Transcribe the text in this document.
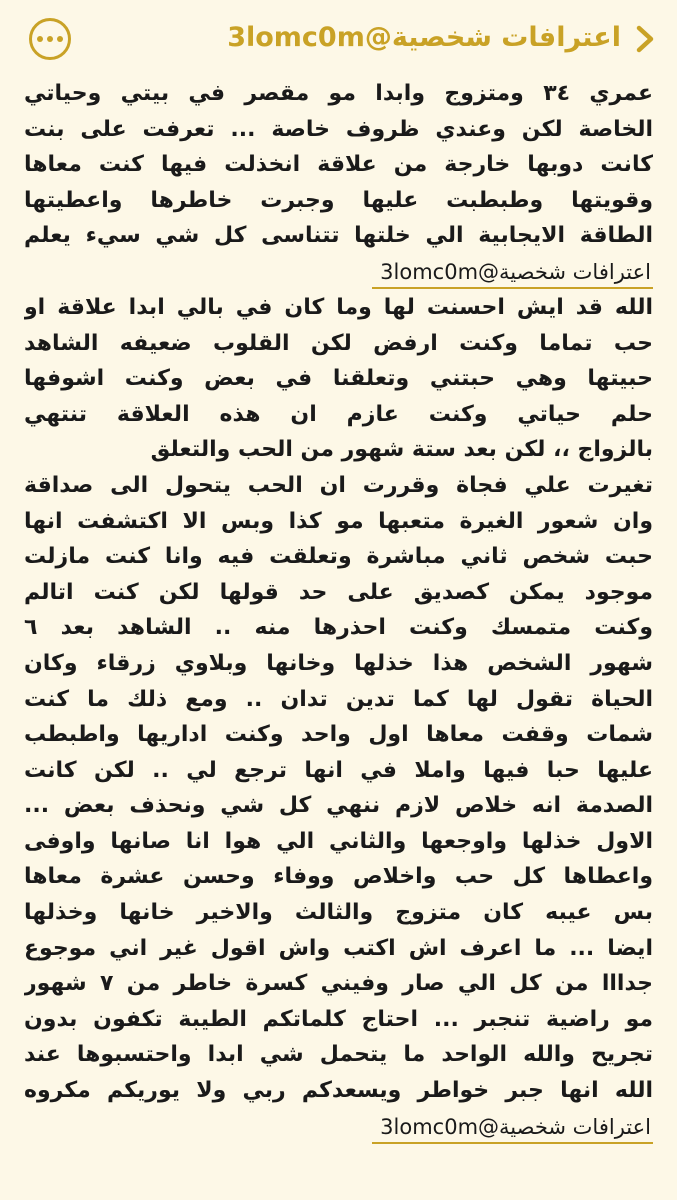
اعترافات شخصية@3lomc0m
عمري ٣٤ ومتزوج وابدا مو مقصر في بيتي وحياتي
الخاصة لكن وعندي ظروف خاصة ... تعرفت على بنت
كانت دوبها خارجة من علاقة انخذلت فيها كنت معاها
وقويتها وطبطبت عليها وجبرت خاطرها واعطيتها
الطاقة الايجابية الي خلتها تتناسى كل شي سيء يعلم
اعترافات شخصية@3lomc0m
الله قد ايش احسنت لها وما كان في بالي ابدا علاقة او
حب تماما وكنت ارفض لكن القلوب ضعيفه الشاهد
حبيتها وهي حبتني وتعلقنا في بعض وكنت اشوفها
حلم حياتي وكنت عازم ان هذه العلاقة تنتهي
بالزواج ،، لكن بعد ستة شهور من الحب والتعلق
تغيرت علي فجاة وقررت ان الحب يتحول الى صداقة
وان شعور الغيرة متعبها مو كذا وبس الا اكتشفت انها
حبت شخص ثاني مباشرة وتعلقت فيه وانا كنت مازلت
موجود يمكن كصديق على حد قولها لكن كنت اتالم
وكنت متمسك وكنت احذرها منه .. الشاهد بعد ٦
شهور الشخص هذا خذلها وخانها وبلاوي زرقاء وكان
الحياة تقول لها كما تدين تدان .. ومع ذلك ما كنت
شمات وقفت معاها اول واحد وكنت اداريها واطبطب
عليها حبا فيها واملا في انها ترجع لي .. لكن كانت
الصدمة انه خلاص لازم ننهي كل شي ونحذف بعض ...
الاول خذلها واوجعها والثاني الي هوا انا صانها واوفى
واعطاها كل حب واخلاص ووفاء وحسن عشرة معاها
بس عيبه كان متزوج والثالث والاخير خانها وخذلها
ايضا ... ما اعرف اش اكتب واش اقول غير اني موجوع
جدااا من كل الي صار وفيني كسرة خاطر من ٧ شهور
مو راضية تنجبر ... احتاج كلماتكم الطيبة تكفون بدون
تجريح والله الواحد ما يتحمل شي ابدا واحتسبوها عند
الله انها جبر خواطر ويسعدكم ربي ولا يوريكم مكروه
اعترافات شخصية@3lomc0m
